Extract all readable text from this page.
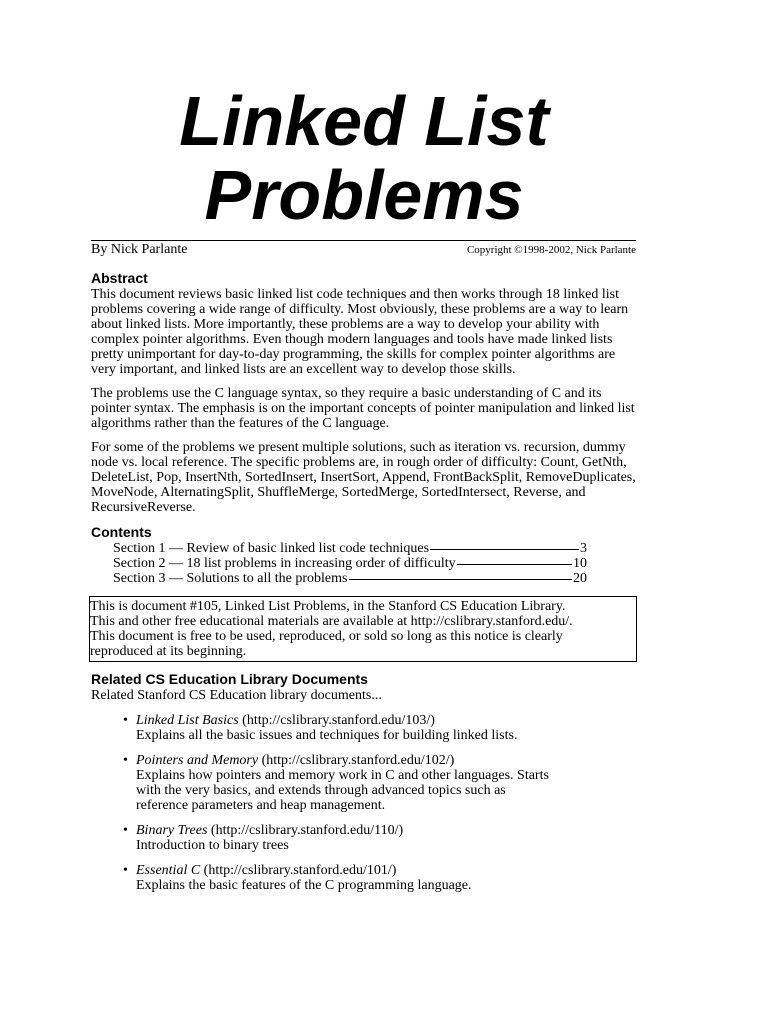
Linked List
Problems
By Nick Parlante	Copyright ©1998-2002, Nick Parlante
Abstract

This document reviews basic linked list code techniques and then works through 18 linked list problems covering a wide range of difficulty. Most obviously, these problems are a way to learn about linked lists. More importantly, these problems are a way to develop your ability with complex pointer algorithms. Even though modern languages and tools have made linked lists pretty unimportant for day-to-day programming, the skills for complex pointer algorithms are very important, and linked lists are an excellent way to develop those skills.

The problems use the C language syntax, so they require a basic understanding of C and its pointer syntax. The emphasis is on the important concepts of pointer manipulation and linked list algorithms rather than the features of the C language.

For some of the problems we present multiple solutions, such as iteration vs. recursion, dummy node vs. local reference. The specific problems are, in rough order of difficulty: Count, GetNth, DeleteList, Pop, InsertNth, SortedInsert, InsertSort, Append, FrontBackSplit, RemoveDuplicates, MoveNode, AlternatingSplit, ShuffleMerge, SortedMerge, SortedIntersect, Reverse, and RecursiveReverse.

Contents
Section 1 — Review of basic linked list code techniques	3
Section 2 — 18 list problems in increasing order of difficulty	10
Section 3 — Solutions to all the problems	20

This is document #105, Linked List Problems, in the Stanford CS Education Library.

This and other free educational materials are available at http://cslibrary.stanford.edu/.

This document is free to be used, reproduced, or sold so long as this notice is clearly

reproduced at its beginning.

Related CS Education Library Documents

Related Stanford CS Education library documents...

• Linked List Basics (http://cslibrary.stanford.edu/103/)

Explains all the basic issues and techniques for building linked lists.

• Pointers and Memory (http://cslibrary.stanford.edu/102/)

Explains how pointers and memory work in C and other languages. Starts

with the very basics, and extends through advanced topics such as

reference parameters and heap management.

• Binary Trees (http://cslibrary.stanford.edu/110/)

Introduction to binary trees

• Essential C (http://cslibrary.stanford.edu/101/)

Explains the basic features of the C programming language.
